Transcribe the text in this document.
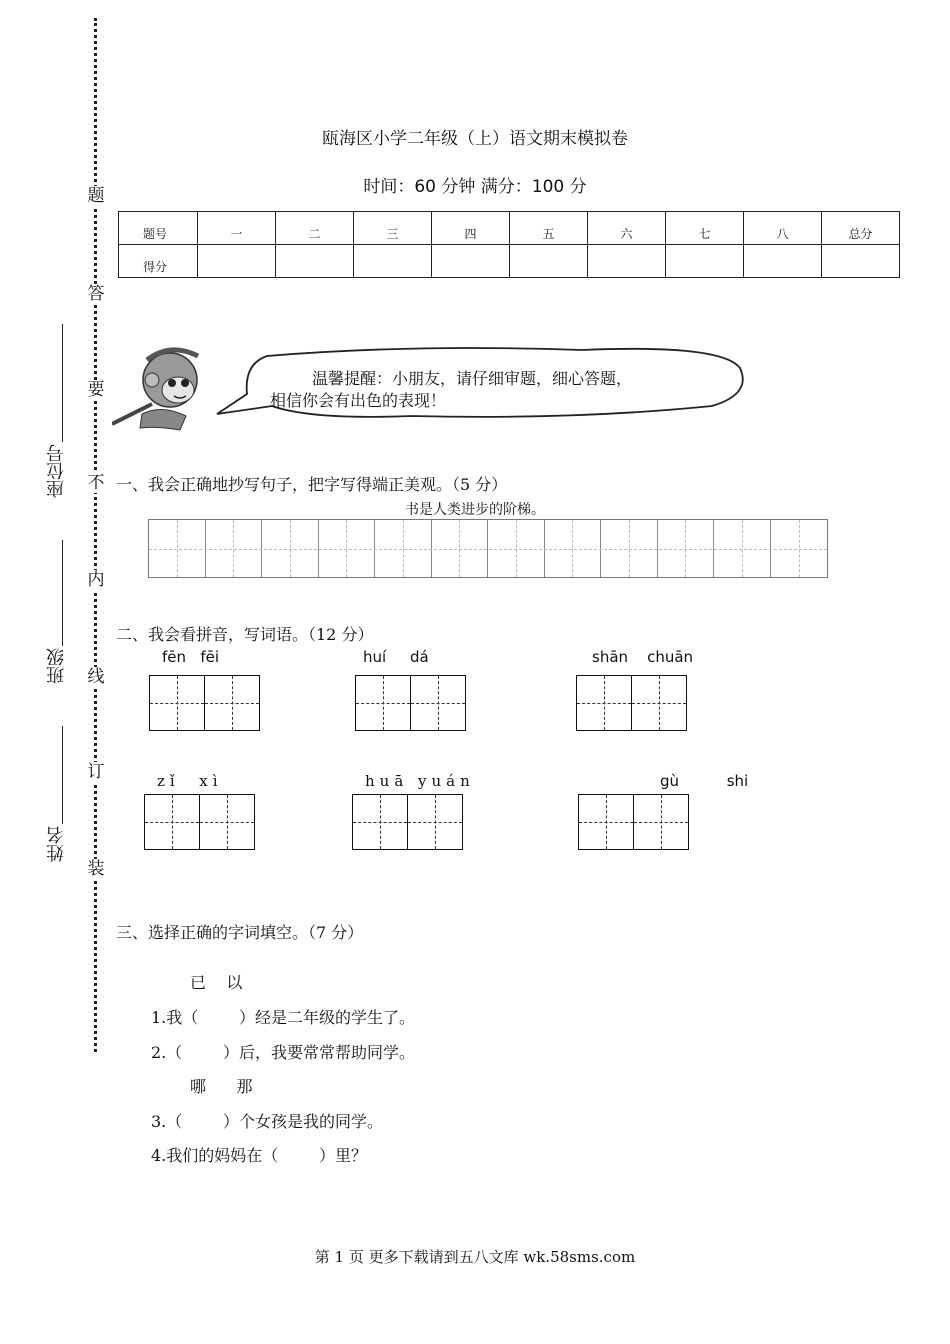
题
答
要
不
内
线
订
装
座位号
班级
姓名
瓯海区小学二年级（上）语文期末模拟卷
时间：60 分钟 满分：100 分
题号	一	二	三	四	五	六	七	八	总分
得分									
温馨提醒：小朋友，请仔细审题，细心答题，
相信你会有出色的表现！
一、我会正确地抄写句子，把字写得端正美观。（5 分）
书是人类进步的阶梯。
二、我会看拼音，写词语。（12 分）
fēn   fēi	huí     dá	shān    chuān
zǐ  xì	huā yuán	gù          shi
三、选择正确的字词填空。（7 分）
已    以
1.我（        ）经是二年级的学生了。
2.（        ）后，我要常常帮助同学。
哪      那
3.（        ）个女孩是我的同学。
4.我们的妈妈在（        ）里？
第 1 页 更多下载请到五八文库 wk.58sms.com
